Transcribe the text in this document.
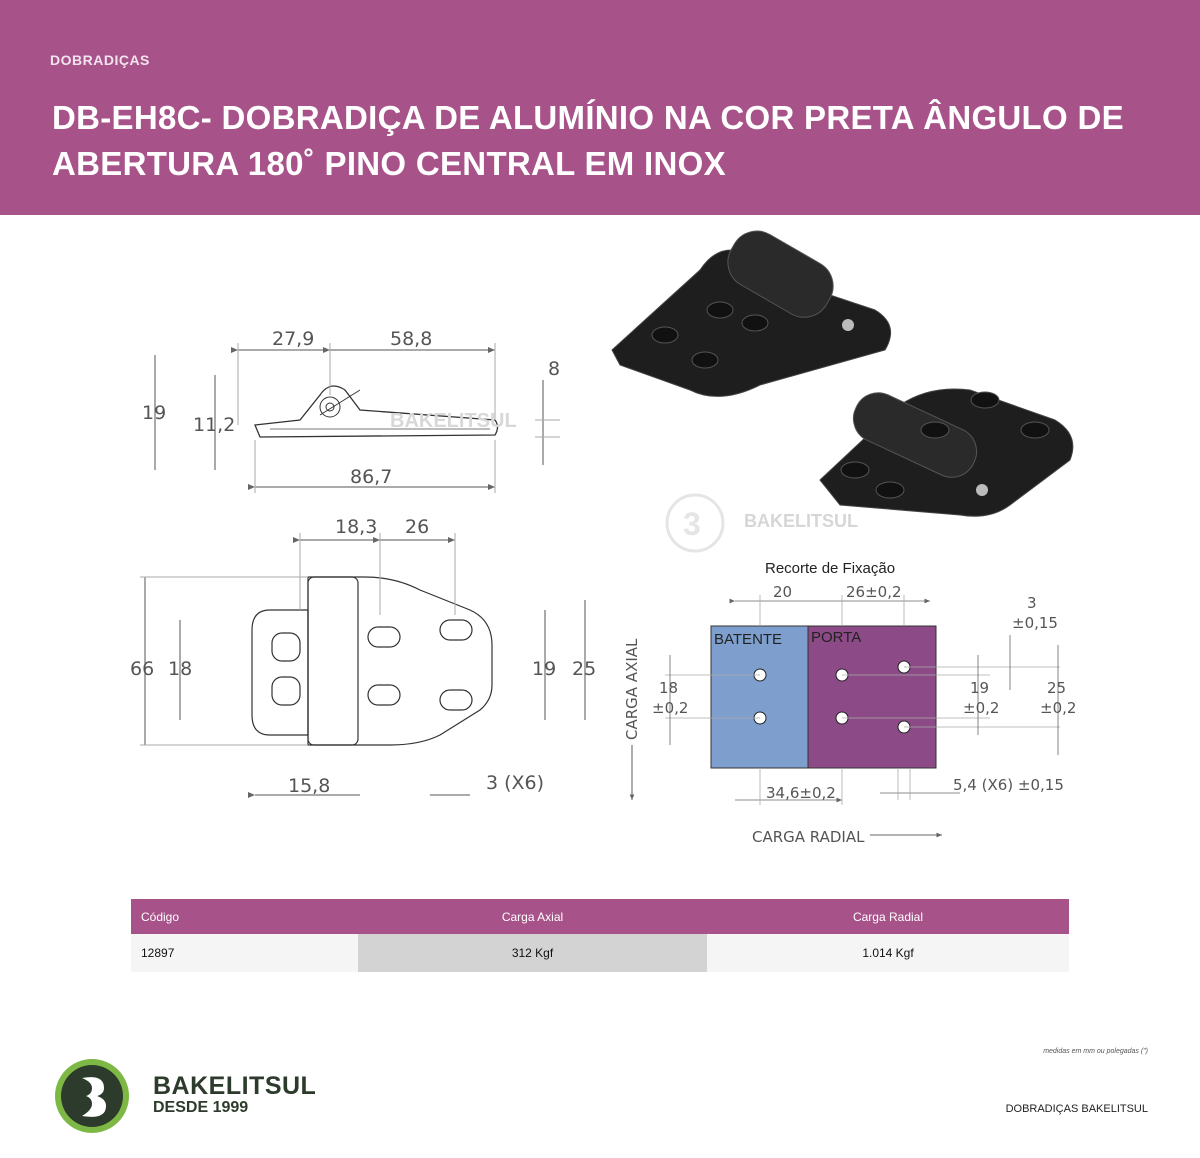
DOBRADIÇAS
DB-EH8C- DOBRADIÇA DE ALUMÍNIO NA COR PRETA ÂNGULO DE ABERTURA 180˚ PINO CENTRAL EM INOX
27,9	58,8
8
19
11,2
86,7
BAKELITSUL
18,3 26
66 18	19 25
15,8	3 (X6)
3 BAKELITSUL
Recorte de Fixação
BATENTE PORTA
20	26±0,2
3
±0,15
18
±0,2
19
±0,2
25
±0,2
34,6±0,2	5,4 (X6) ±0,15
CARGA AXIAL
CARGA RADIAL
Código	Carga Axial	Carga Radial
12897	312 Kgf	1.014 Kgf
medidas em mm ou polegadas (")
BAKELITSUL
DESDE 1999	DOBRADIÇAS BAKELITSUL
